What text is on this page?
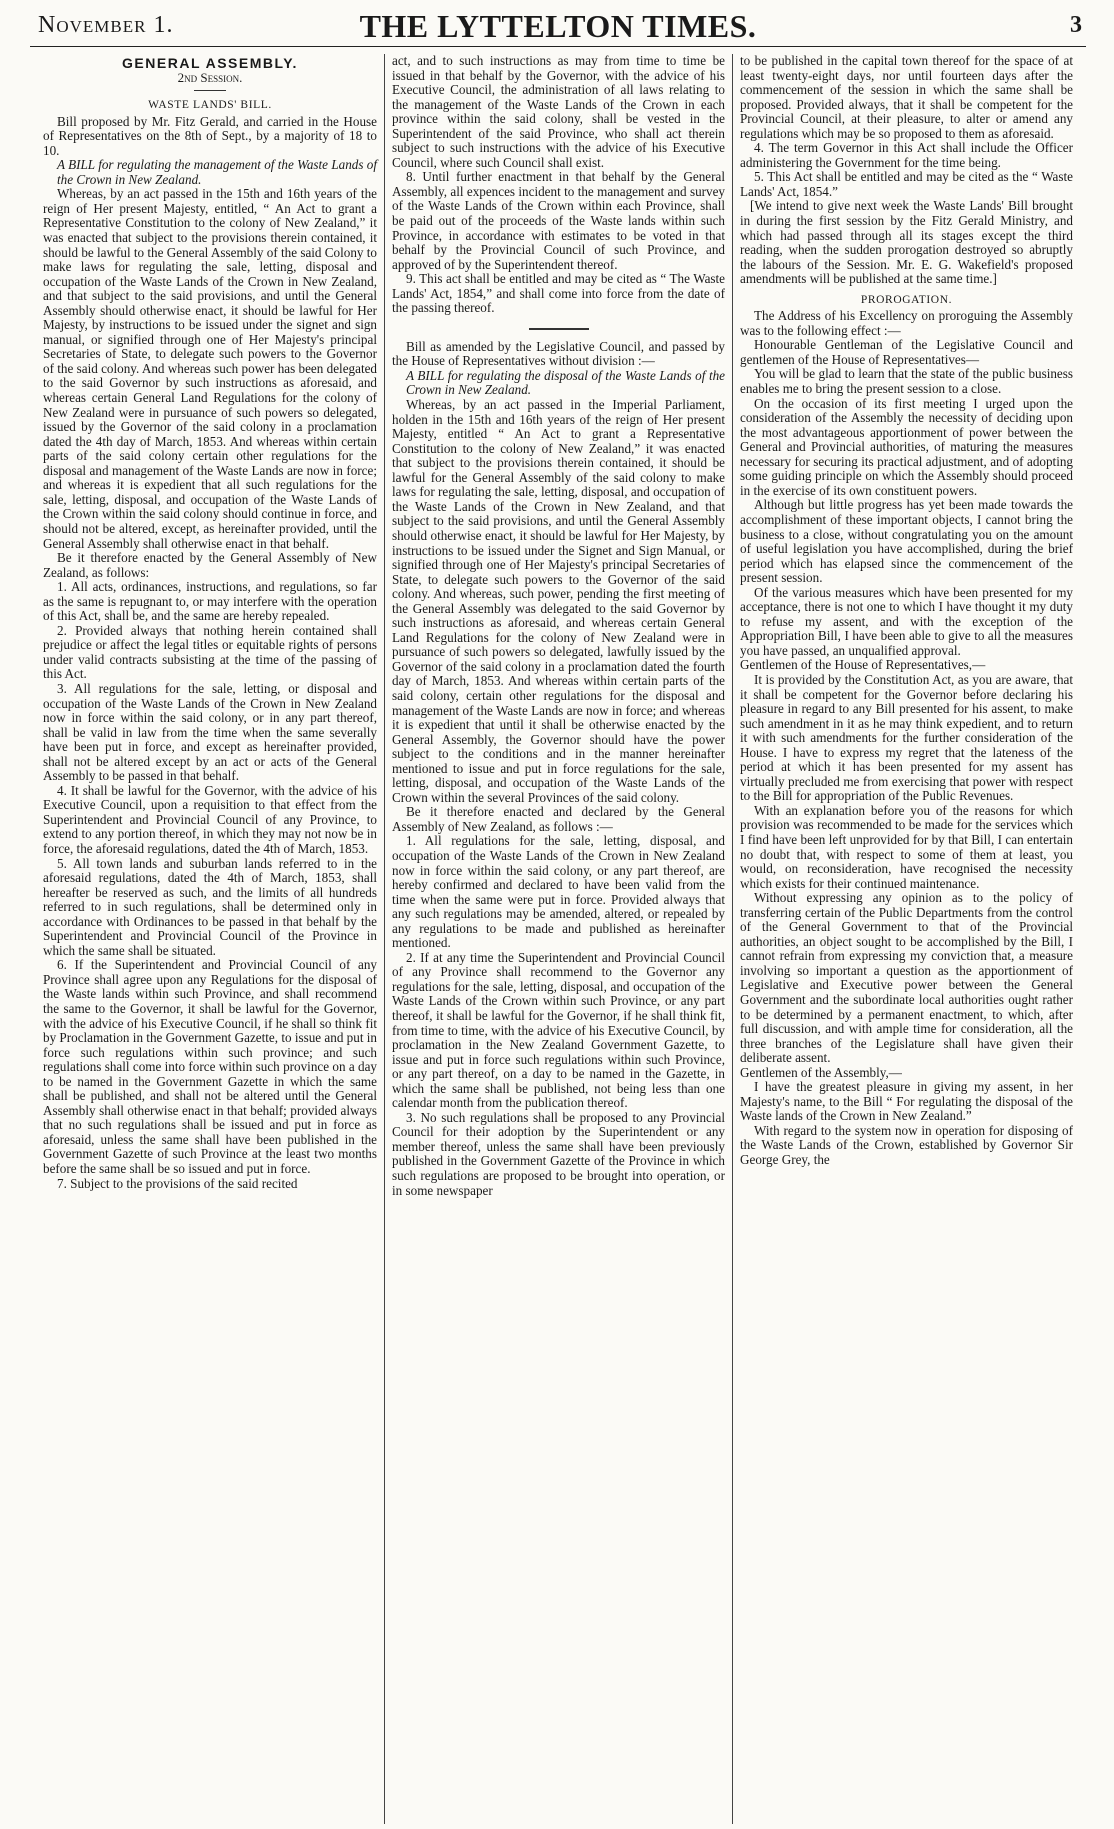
November 1.	THE LYTTELTON TIMES.	3

GENERAL ASSEMBLY.

2nd Session.

WASTE LANDS' BILL.

Bill proposed by Mr. Fitz Gerald, and carried in the House of Representatives on the 8th of Sept., by a majority of 18 to 10.

A BILL for regulating the management of the Waste Lands of the Crown in New Zealand.

Whereas, by an act passed in the 15th and 16th years of the reign of Her present Majesty, entitled, “ An Act to grant a Representative Constitution to the colony of New Zealand,” it was enacted that subject to the provisions therein contained, it should be lawful to the General Assembly of the said Colony to make laws for regulating the sale, letting, disposal and occupation of the Waste Lands of the Crown in New Zealand, and that subject to the said provisions, and until the General Assembly should otherwise enact, it should be lawful for Her Majesty, by instructions to be issued under the signet and sign manual, or signified through one of Her Majesty's principal Secretaries of State, to delegate such powers to the Governor of the said colony. And whereas such power has been delegated to the said Governor by such instructions as aforesaid, and whereas certain General Land Regulations for the colony of New Zealand were in pursuance of such powers so delegated, issued by the Governor of the said colony in a proclamation dated the 4th day of March, 1853. And whereas within certain parts of the said colony certain other regulations for the disposal and management of the Waste Lands are now in force; and whereas it is expedient that all such regulations for the sale, letting, disposal, and occupation of the Waste Lands of the Crown within the said colony should continue in force, and should not be altered, except, as hereinafter provided, until the General Assembly shall otherwise enact in that behalf.

Be it therefore enacted by the General Assembly of New Zealand, as follows:

1. All acts, ordinances, instructions, and regulations, so far as the same is repugnant to, or may interfere with the operation of this Act, shall be, and the same are hereby repealed.

2. Provided always that nothing herein contained shall prejudice or affect the legal titles or equitable rights of persons under valid contracts subsisting at the time of the passing of this Act.

3. All regulations for the sale, letting, or disposal and occupation of the Waste Lands of the Crown in New Zealand now in force within the said colony, or in any part thereof, shall be valid in law from the time when the same severally have been put in force, and except as hereinafter provided, shall not be altered except by an act or acts of the General Assembly to be passed in that behalf.

4. It shall be lawful for the Governor, with the advice of his Executive Council, upon a requisition to that effect from the Superintendent and Provincial Council of any Province, to extend to any portion thereof, in which they may not now be in force, the aforesaid regulations, dated the 4th of March, 1853.

5. All town lands and suburban lands referred to in the aforesaid regulations, dated the 4th of March, 1853, shall hereafter be reserved as such, and the limits of all hundreds referred to in such regulations, shall be determined only in accordance with Ordinances to be passed in that behalf by the Superintendent and Provincial Council of the Province in which the same shall be situated.

6. If the Superintendent and Provincial Council of any Province shall agree upon any Regulations for the disposal of the Waste lands within such Province, and shall recommend the same to the Governor, it shall be lawful for the Governor, with the advice of his Executive Council, if he shall so think fit by Proclamation in the Government Gazette, to issue and put in force such regulations within such province; and such regulations shall come into force within such province on a day to be named in the Government Gazette in which the same shall be published, and shall not be altered until the General Assembly shall otherwise enact in that behalf; provided always that no such regulations shall be issued and put in force as aforesaid, unless the same shall have been published in the Government Gazette of such Province at the least two months before the same shall be so issued and put in force.

7. Subject to the provisions of the said recited

act, and to such instructions as may from time to time be issued in that behalf by the Governor, with the advice of his Executive Council, the administration of all laws relating to the management of the Waste Lands of the Crown in each province within the said colony, shall be vested in the Superintendent of the said Province, who shall act therein subject to such instructions with the advice of his Executive Council, where such Council shall exist.

8. Until further enactment in that behalf by the General Assembly, all expences incident to the management and survey of the Waste Lands of the Crown within each Province, shall be paid out of the proceeds of the Waste lands within such Province, in accordance with estimates to be voted in that behalf by the Provincial Council of such Province, and approved of by the Superintendent thereof.

9. This act shall be entitled and may be cited as “ The Waste Lands' Act, 1854,” and shall come into force from the date of the passing thereof.

Bill as amended by the Legislative Council, and passed by the House of Representatives without division :—

A BILL for regulating the disposal of the Waste Lands of the Crown in New Zealand.

Whereas, by an act passed in the Imperial Parliament, holden in the 15th and 16th years of the reign of Her present Majesty, entitled “ An Act to grant a Representative Constitution to the colony of New Zealand,” it was enacted that subject to the provisions therein contained, it should be lawful for the General Assembly of the said colony to make laws for regulating the sale, letting, disposal, and occupation of the Waste Lands of the Crown in New Zealand, and that subject to the said provisions, and until the General Assembly should otherwise enact, it should be lawful for Her Majesty, by instructions to be issued under the Signet and Sign Manual, or signified through one of Her Majesty's principal Secretaries of State, to delegate such powers to the Governor of the said colony. And whereas, such power, pending the first meeting of the General Assembly was delegated to the said Governor by such instructions as aforesaid, and whereas certain General Land Regulations for the colony of New Zealand were in pursuance of such powers so delegated, lawfully issued by the Governor of the said colony in a proclamation dated the fourth day of March, 1853. And whereas within certain parts of the said colony, certain other regulations for the disposal and management of the Waste Lands are now in force; and whereas it is expedient that until it shall be otherwise enacted by the General Assembly, the Governor should have the power subject to the conditions and in the manner hereinafter mentioned to issue and put in force regulations for the sale, letting, disposal, and occupation of the Waste Lands of the Crown within the several Provinces of the said colony.

Be it therefore enacted and declared by the General Assembly of New Zealand, as follows :—

1. All regulations for the sale, letting, disposal, and occupation of the Waste Lands of the Crown in New Zealand now in force within the said colony, or any part thereof, are hereby confirmed and declared to have been valid from the time when the same were put in force. Provided always that any such regulations may be amended, altered, or repealed by any regulations to be made and published as hereinafter mentioned.

2. If at any time the Superintendent and Provincial Council of any Province shall recommend to the Governor any regulations for the sale, letting, disposal, and occupation of the Waste Lands of the Crown within such Province, or any part thereof, it shall be lawful for the Governor, if he shall think fit, from time to time, with the advice of his Executive Council, by proclamation in the New Zealand Government Gazette, to issue and put in force such regulations within such Province, or any part thereof, on a day to be named in the Gazette, in which the same shall be published, not being less than one calendar month from the publication thereof.

3. No such regulations shall be proposed to any Provincial Council for their adoption by the Superintendent or any member thereof, unless the same shall have been previously published in the Government Gazette of the Province in which such regulations are proposed to be brought into operation, or in some newspaper

to be published in the capital town thereof for the space of at least twenty-eight days, nor until fourteen days after the commencement of the session in which the same shall be proposed. Provided always, that it shall be competent for the Provincial Council, at their pleasure, to alter or amend any regulations which may be so proposed to them as aforesaid.

4. The term Governor in this Act shall include the Officer administering the Government for the time being.

5. This Act shall be entitled and may be cited as the “ Waste Lands' Act, 1854.”

[We intend to give next week the Waste Lands' Bill brought in during the first session by the Fitz Gerald Ministry, and which had passed through all its stages except the third reading, when the sudden prorogation destroyed so abruptly the labours of the Session. Mr. E. G. Wakefield's proposed amendments will be published at the same time.]

PROROGATION.

The Address of his Excellency on proroguing the Assembly was to the following effect :—

Honourable Gentleman of the Legislative Council and gentlemen of the House of Representatives—

You will be glad to learn that the state of the public business enables me to bring the present session to a close.

On the occasion of its first meeting I urged upon the consideration of the Assembly the necessity of deciding upon the most advantageous apportionment of power between the General and Provincial authorities, of maturing the measures necessary for securing its practical adjustment, and of adopting some guiding principle on which the Assembly should proceed in the exercise of its own constituent powers.

Although but little progress has yet been made towards the accomplishment of these important objects, I cannot bring the business to a close, without congratulating you on the amount of useful legislation you have accomplished, during the brief period which has elapsed since the commencement of the present session.

Of the various measures which have been presented for my acceptance, there is not one to which I have thought it my duty to refuse my assent, and with the exception of the Appropriation Bill, I have been able to give to all the measures you have passed, an unqualified approval.

Gentlemen of the House of Representatives,—

It is provided by the Constitution Act, as you are aware, that it shall be competent for the Governor before declaring his pleasure in regard to any Bill presented for his assent, to make such amendment in it as he may think expedient, and to return it with such amendments for the further consideration of the House. I have to express my regret that the lateness of the period at which it has been presented for my assent has virtually precluded me from exercising that power with respect to the Bill for appropriation of the Public Revenues.

With an explanation before you of the reasons for which provision was recommended to be made for the services which I find have been left unprovided for by that Bill, I can entertain no doubt that, with respect to some of them at least, you would, on reconsideration, have recognised the necessity which exists for their continued maintenance.

Without expressing any opinion as to the policy of transferring certain of the Public Departments from the control of the General Government to that of the Provincial authorities, an object sought to be accomplished by the Bill, I cannot refrain from expressing my conviction that, a measure involving so important a question as the apportionment of Legislative and Executive power between the General Government and the subordinate local authorities ought rather to be determined by a permanent enactment, to which, after full discussion, and with ample time for consideration, all the three branches of the Legislature shall have given their deliberate assent.

Gentlemen of the Assembly,—

I have the greatest pleasure in giving my assent, in her Majesty's name, to the Bill “ For regulating the disposal of the Waste lands of the Crown in New Zealand.”

With regard to the system now in operation for disposing of the Waste Lands of the Crown, established by Governor Sir George Grey, the
